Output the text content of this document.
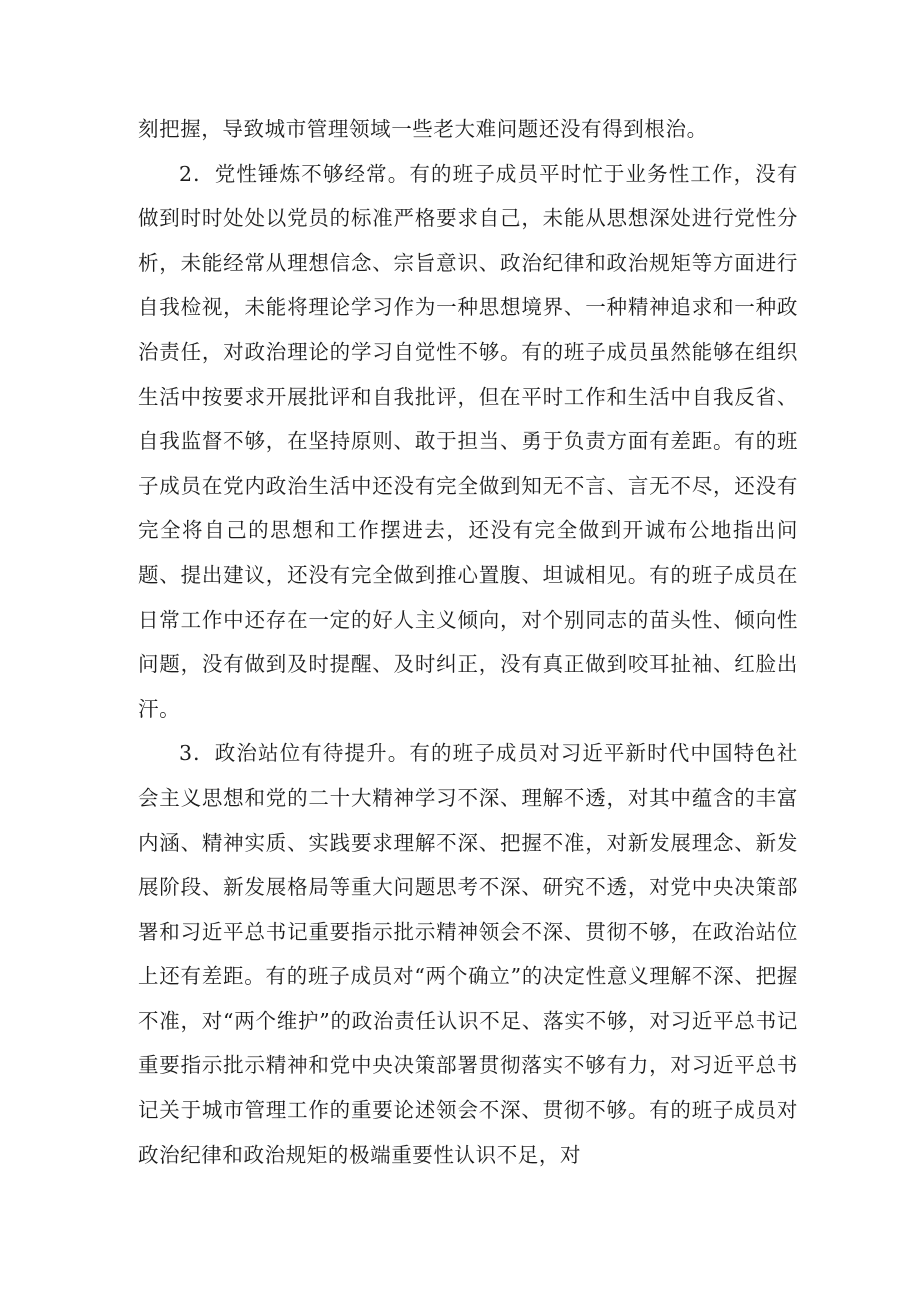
刻把握，导致城市管理领域一些老大难问题还没有得到根治。

2．党性锤炼不够经常。有的班子成员平时忙于业务性工作，没有做到时时处处以党员的标准严格要求自己，未能从思想深处进行党性分析，未能经常从理想信念、宗旨意识、政治纪律和政治规矩等方面进行自我检视，未能将理论学习作为一种思想境界、一种精神追求和一种政治责任，对政治理论的学习自觉性不够。有的班子成员虽然能够在组织生活中按要求开展批评和自我批评，但在平时工作和生活中自我反省、自我监督不够，在坚持原则、敢于担当、勇于负责方面有差距。有的班子成员在党内政治生活中还没有完全做到知无不言、言无不尽，还没有完全将自己的思想和工作摆进去，还没有完全做到开诚布公地指出问题、提出建议，还没有完全做到推心置腹、坦诚相见。有的班子成员在日常工作中还存在一定的好人主义倾向，对个别同志的苗头性、倾向性问题，没有做到及时提醒、及时纠正，没有真正做到咬耳扯袖、红脸出汗。

3．政治站位有待提升。有的班子成员对习近平新时代中国特色社会主义思想和党的二十大精神学习不深、理解不透，对其中蕴含的丰富内涵、精神实质、实践要求理解不深、把握不准，对新发展理念、新发展阶段、新发展格局等重大问题思考不深、研究不透，对党中央决策部署和习近平总书记重要指示批示精神领会不深、贯彻不够，在政治站位上还有差距。有的班子成员对“两个确立”的决定性意义理解不深、把握不准，对“两个维护”的政治责任认识不足、落实不够，对习近平总书记重要指示批示精神和党中央决策部署贯彻落实不够有力，对习近平总书记关于城市管理工作的重要论述领会不深、贯彻不够。有的班子成员对政治纪律和政治规矩的极端重要性认识不足，对
